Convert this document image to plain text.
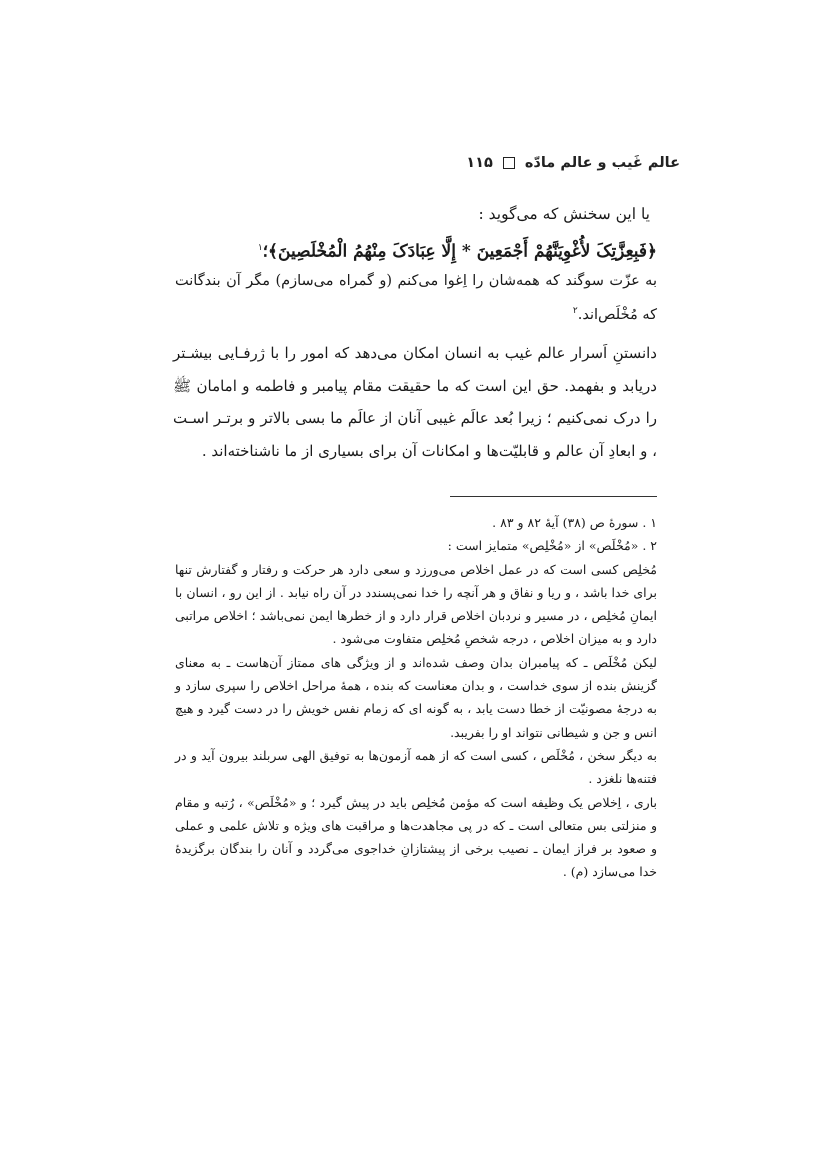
عالم غَیب و عالم مادّه
۱۱۵
یا این سخنش که می‌گوید :
﴿فَبِعِزَّتِکَ لأُغْوِیَنَّهُمْ أَجْمَعِینَ * إِلَّا عِبَادَکَ مِنْهُمُ الْمُخْلَصِینَ﴾؛$^۱$
به عزّت سوگند که همه‌شان را اِغوا می‌کنم (و گمراه می‌سازم) مگر آن بندگانت که مُخْلَص‌اند.$^۲$
دانستنِ اَسرار عالم غیب به انسان امکان می‌دهد که امور را با ژرفـایی بیشـتر دریابد و بفهمد. حق این است که ما حقیقت مقام پیامبر و فاطمه و امامان ﷺ را درک نمی‌کنیم ؛ زیرا بُعد عالَم غیبی آنان از عالَم ما بسی بالاتر و برتـر اسـت ، و ابعادِ آن عالم و قابلیّت‌ها و امکانات آن برای بسیاری از ما ناشناخته‌اند .

۱ . سورهٔ ص (۳۸) آیهٔ ۸۲ و ۸۳ .

۲ . «مُخْلَص» از «مُخْلِص» متمایز است :

مُخلِص کسی است که در عمل اخلاص می‌ورزد و سعی دارد هر حرکت و رفتار و گفتارش تنها برای خدا باشد ، و ریا و نفاق و هر آنچه را خدا نمی‌پسندد در آن راه نیابد . از این رو ، انسان با ایمانِ مُخلِص ، در مسیر و نردبان اخلاص قرار دارد و از خطرها ایمن نمی‌باشد ؛ اخلاص مراتبی دارد و به میزان اخلاص ، درجه شخصِ مُخلِص متفاوت می‌شود .

لیکن مُخْلَص ـ که پیامبران بدان وصف شده‌اند و از ویژگی های ممتاز آن‌هاست ـ به معنای گزینش بنده از سوی خداست ، و بدان معناست که بنده ، همهٔ مراحل اخلاص را سپری سازد و به درجهٔ مصونیّت از خطا دست یابد ، به گونه ای که زمام نفس خویش را در دست گیرد و هیچ انس و جن و شیطانی نتواند او را بفریبد.

به دیگر سخن ، مُخْلَص ، کسی است که از همه آزمون‌ها به توفیق الهی سربلند بیرون آید و در فتنه‌ها نلغزد .

باری ، اِخلاص یک وظیفه است که مؤمن مُخلِص باید در پیش گیرد ؛ و «مُخْلَص» ، رُتبه و مقام و منزلتی بس متعالی است ـ که در پی مجاهدت‌ها و مراقبت های ویژه و تلاش علمی و عملی و صعود بر فراز ایمان ـ نصیب برخی از پیشتازانِ خداجوی می‌گردد و آنان را بندگان برگزیدهٔ خدا می‌سازد (م) .
